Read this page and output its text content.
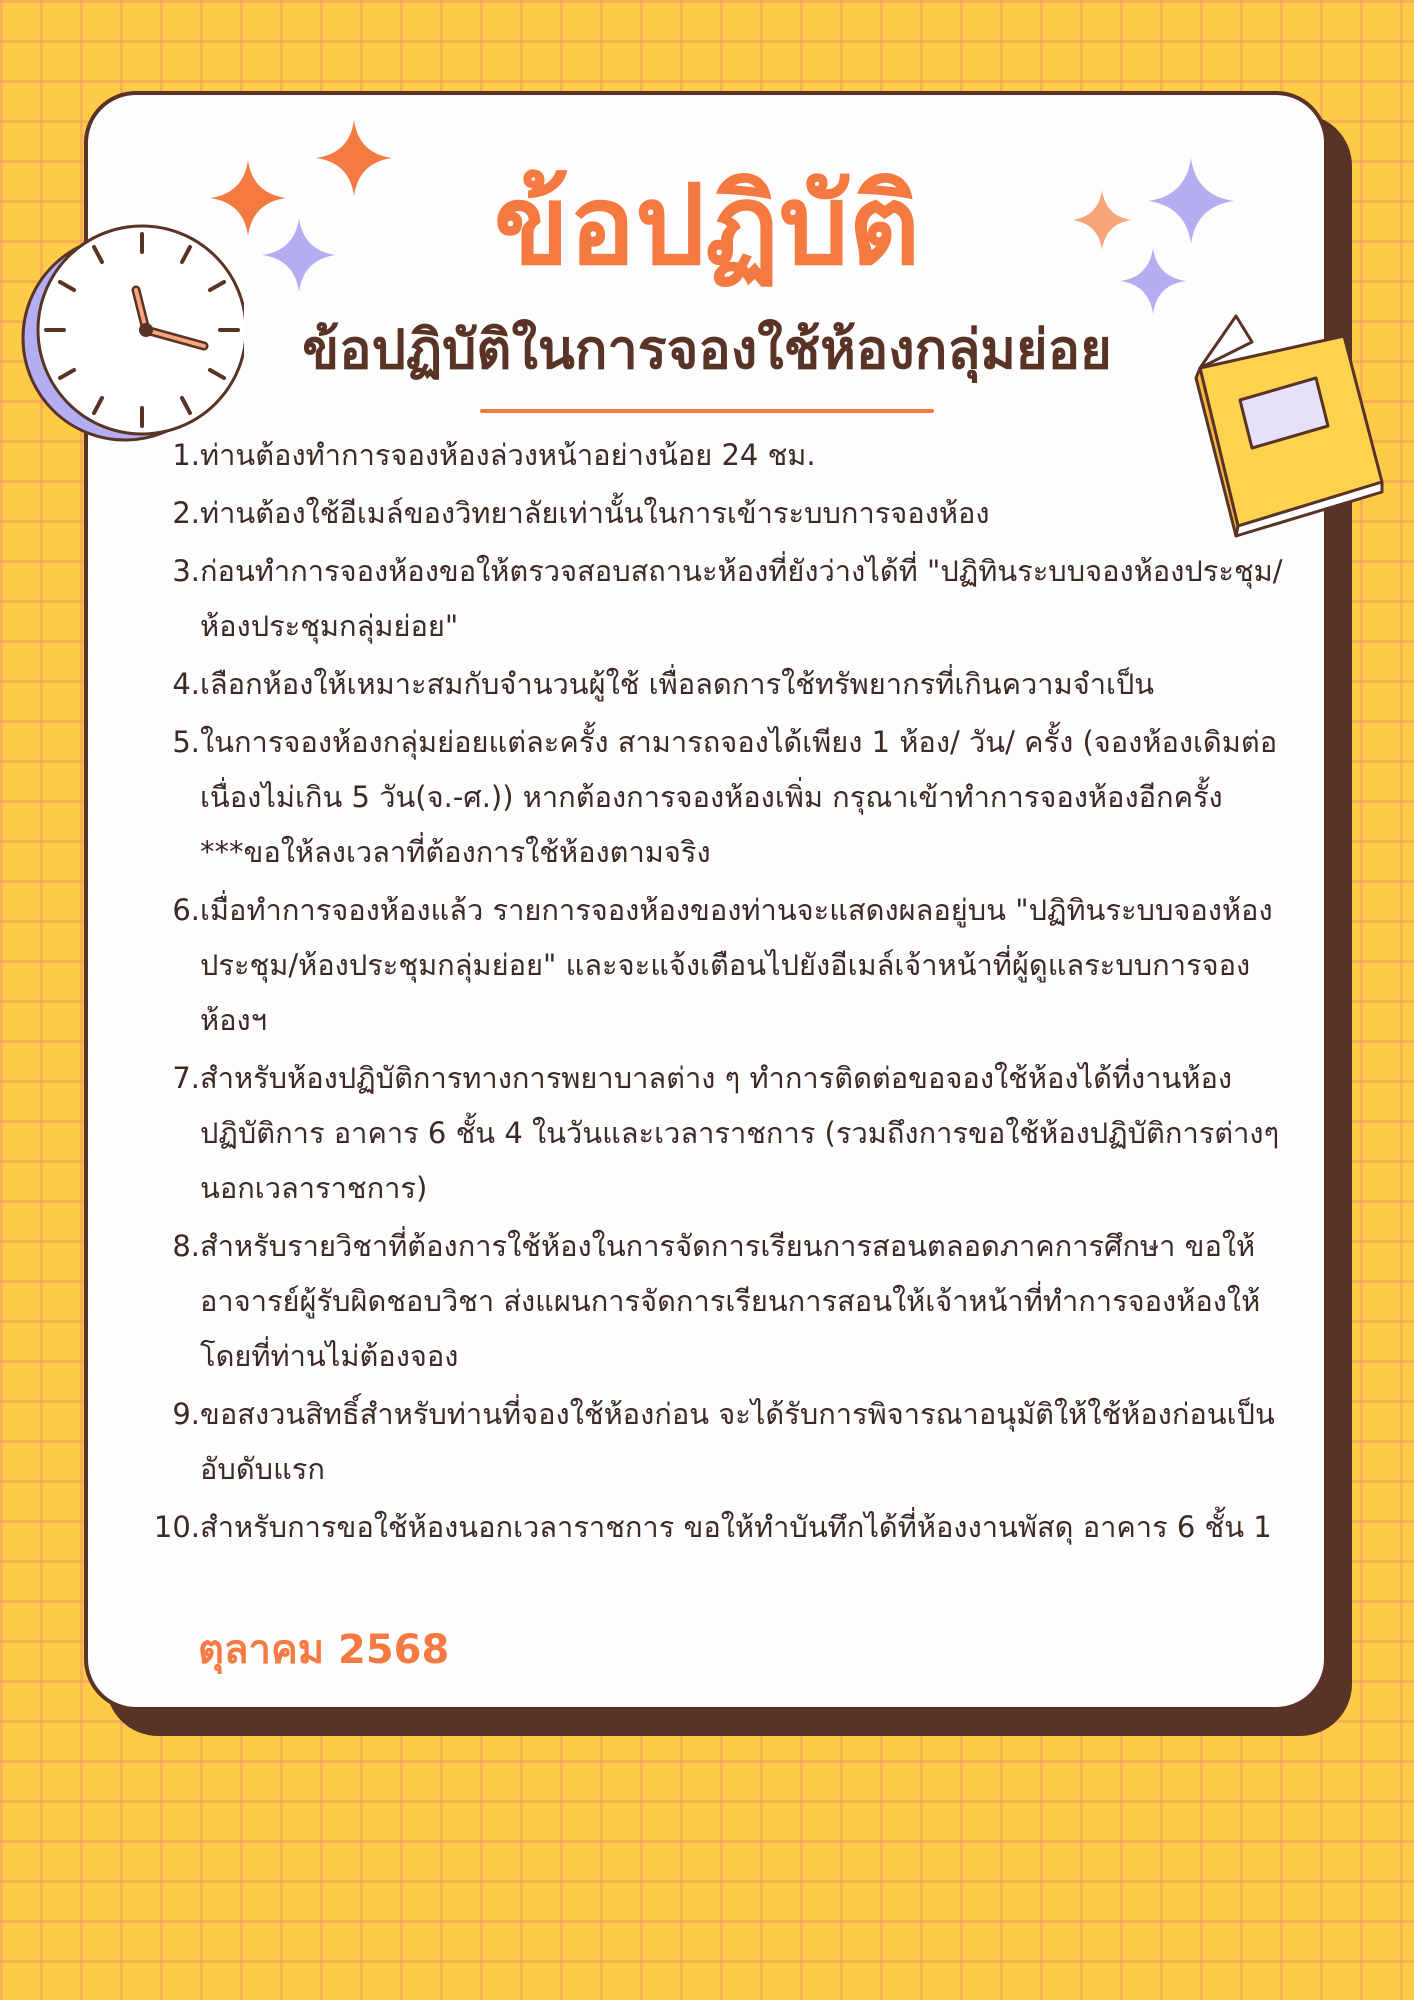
ข้อปฏิบัติ
ข้อปฏิบัติในการจองใช้ห้องกลุ่มย่อย
1. ท่านต้องทำการจองห้องล่วงหน้าอย่างน้อย 24 ชม.
2. ท่านต้องใช้อีเมล์ของวิทยาลัยเท่านั้นในการเข้าระบบการจองห้อง
3. ก่อนทำการจองห้องขอให้ตรวจสอบสถานะห้องที่ยังว่างได้ที่ "ปฏิทินระบบจองห้องประชุม/ ห้องประชุมกลุ่มย่อย"
4. เลือกห้องให้เหมาะสมกับจำนวนผู้ใช้ เพื่อลดการใช้ทรัพยากรที่เกินความจำเป็น
5. ในการจองห้องกลุ่มย่อยแต่ละครั้ง สามารถจองได้เพียง 1 ห้อง/ วัน/ ครั้ง (จองห้องเดิมต่อเนื่องไม่เกิน 5 วัน(จ.-ศ.)) หากต้องการจองห้องเพิ่ม กรุณาเข้าทำการจองห้องอีกครั้ง ***ขอให้ลงเวลาที่ต้องการใช้ห้องตามจริง
6. เมื่อทำการจองห้องแล้ว รายการจองห้องของท่านจะแสดงผลอยู่บน "ปฏิทินระบบจองห้องประชุม/ห้องประชุมกลุ่มย่อย" และจะแจ้งเตือนไปยังอีเมล์เจ้าหน้าที่ผู้ดูแลระบบการจองห้องฯ
7. สำหรับห้องปฏิบัติการทางการพยาบาลต่าง ๆ ทำการติดต่อขอจองใช้ห้องได้ที่งานห้องปฏิบัติการ อาคาร 6 ชั้น 4 ในวันและเวลาราชการ (รวมถึงการขอใช้ห้องปฏิบัติการต่างๆนอกเวลาราชการ)
8. สำหรับรายวิชาที่ต้องการใช้ห้องในการจัดการเรียนการสอนตลอดภาคการศึกษา ขอให้อาจารย์ผู้รับผิดชอบวิชา ส่งแผนการจัดการเรียนการสอนให้เจ้าหน้าที่ทำการจองห้องให้ โดยที่ท่านไม่ต้องจอง
9. ขอสงวนสิทธิ์สำหรับท่านที่จองใช้ห้องก่อน จะได้รับการพิจารณาอนุมัติให้ใช้ห้องก่อนเป็นอับดับแรก
10. สำหรับการขอใช้ห้องนอกเวลาราชการ ขอให้ทำบันทึกได้ที่ห้องงานพัสดุ อาคาร 6 ชั้น 1
ตุลาคม 2568
